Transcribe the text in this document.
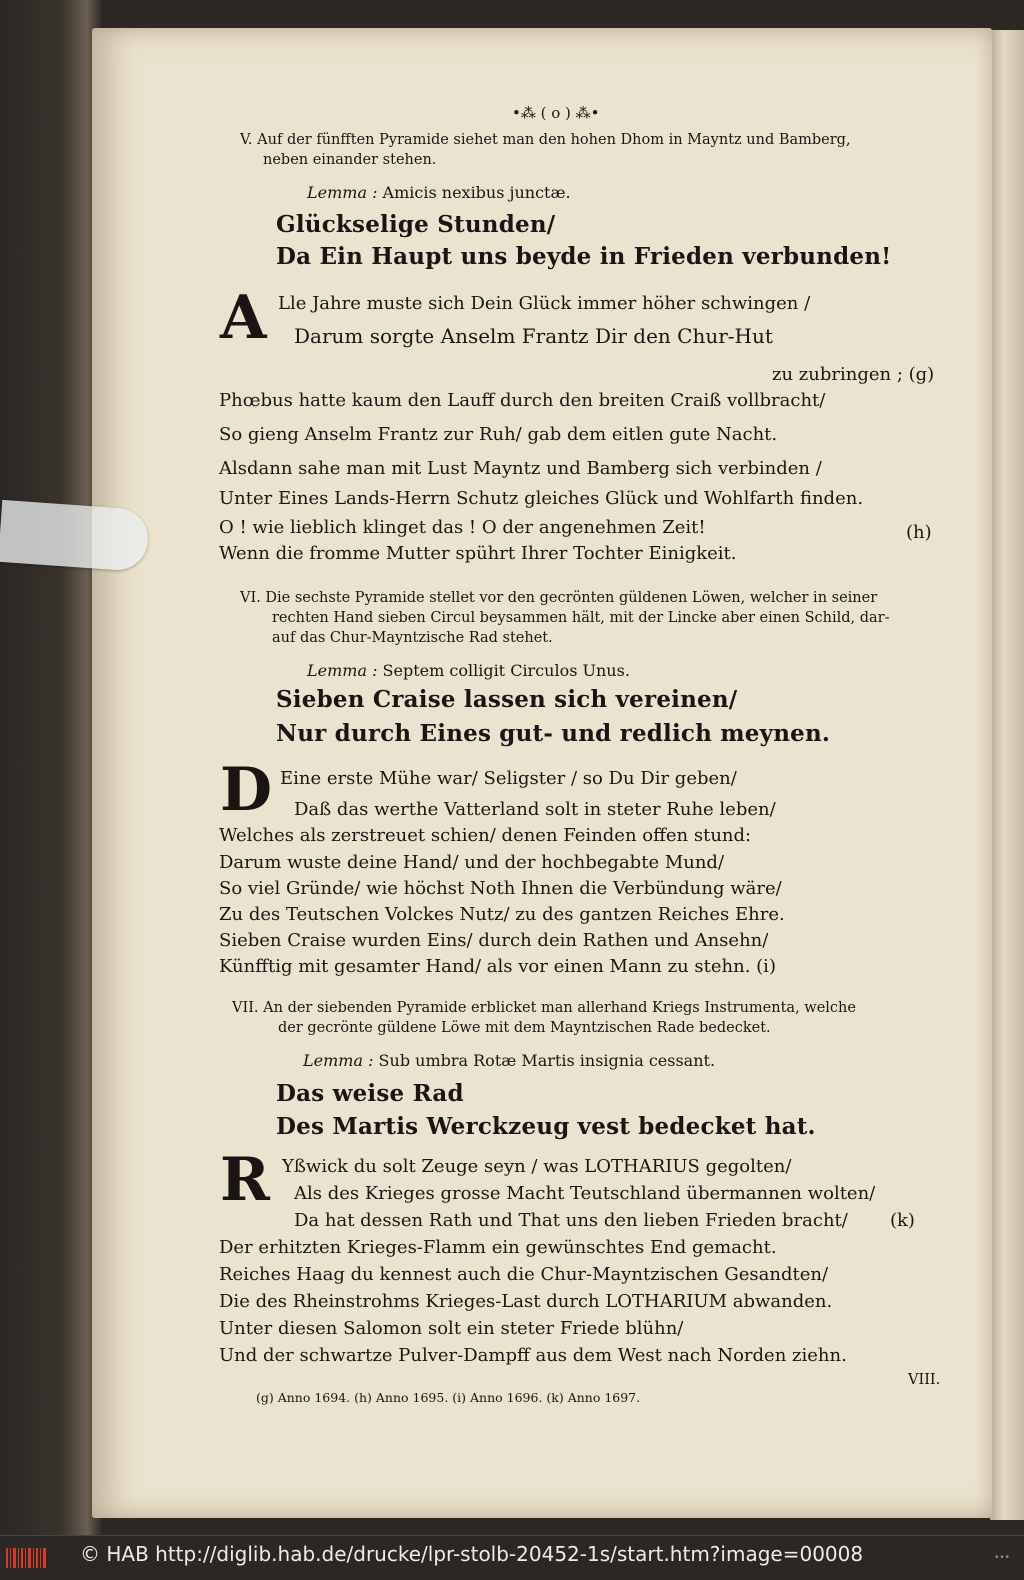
•⁂ ( o ) ⁂•
V. Auf der fünfften Pyramide siehet man den hohen Dhom in Mayntz und Bamberg,
neben einander stehen.
Lemma : Amicis nexibus junctæ.
Glückselige Stunden/
Da Ein Haupt uns beyde in Frieden verbunden!
A Lle Jahre muste sich Dein Glück immer höher schwingen /
Darum sorgte Anselm Frantz Dir den Chur-Hut
zu zubringen ; (g)
Phœbus hatte kaum den Lauff durch den breiten Craiß vollbracht/
So gieng Anselm Frantz zur Ruh/ gab dem eitlen gute Nacht.
Alsdann sahe man mit Lust Mayntz und Bamberg sich verbinden /
Unter Eines Lands-Herrn Schutz gleiches Glück und Wohlfarth finden.
O ! wie lieblich klinget das ! O der angenehmen Zeit!	(h)
Wenn die fromme Mutter spührt Ihrer Tochter Einigkeit.
VI. Die sechste Pyramide stellet vor den gecrönten güldenen Löwen, welcher in seiner
rechten Hand sieben Circul beysammen hält, mit der Lincke aber einen Schild, dar-
auf das Chur-Mayntzische Rad stehet.
Lemma : Septem colligit Circulos Unus.
Sieben Craise lassen sich vereinen/
Nur durch Eines gut- und redlich meynen.
D Eine erste Mühe war/ Seligster / so Du Dir geben/
Daß das werthe Vatterland solt in steter Ruhe leben/
Welches als zerstreuet schien/ denen Feinden offen stund:
Darum wuste deine Hand/ und der hochbegabte Mund/
So viel Gründe/ wie höchst Noth Ihnen die Verbündung wäre/
Zu des Teutschen Volckes Nutz/ zu des gantzen Reiches Ehre.
Sieben Craise wurden Eins/ durch dein Rathen und Ansehn/
Künfftig mit gesamter Hand/ als vor einen Mann zu stehn. (i)
VII. An der siebenden Pyramide erblicket man allerhand Kriegs Instrumenta, welche
der gecrönte güldene Löwe mit dem Mayntzischen Rade bedecket.
Lemma : Sub umbra Rotæ Martis insignia cessant.
Das weise Rad
Des Martis Werckzeug vest bedecket hat.
R Yßwick du solt Zeuge seyn / was LOTHARIUS gegolten/
Als des Krieges grosse Macht Teutschland übermannen wolten/
Da hat dessen Rath und That uns den lieben Frieden bracht/ (k)
Der erhitzten Krieges-Flamm ein gewünschtes End gemacht.
Reiches Haag du kennest auch die Chur-Mayntzischen Gesandten/
Die des Rheinstrohms Krieges-Last durch LOTHARIUM abwanden.
Unter diesen Salomon solt ein steter Friede blühn/
Und der schwartze Pulver-Dampff aus dem West nach Norden ziehn.
VIII.
(g) Anno 1694. (h) Anno 1695. (i) Anno 1696. (k) Anno 1697.
© HAB http://diglib.hab.de/drucke/lpr-stolb-20452-1s/start.htm?image=00008	•••
